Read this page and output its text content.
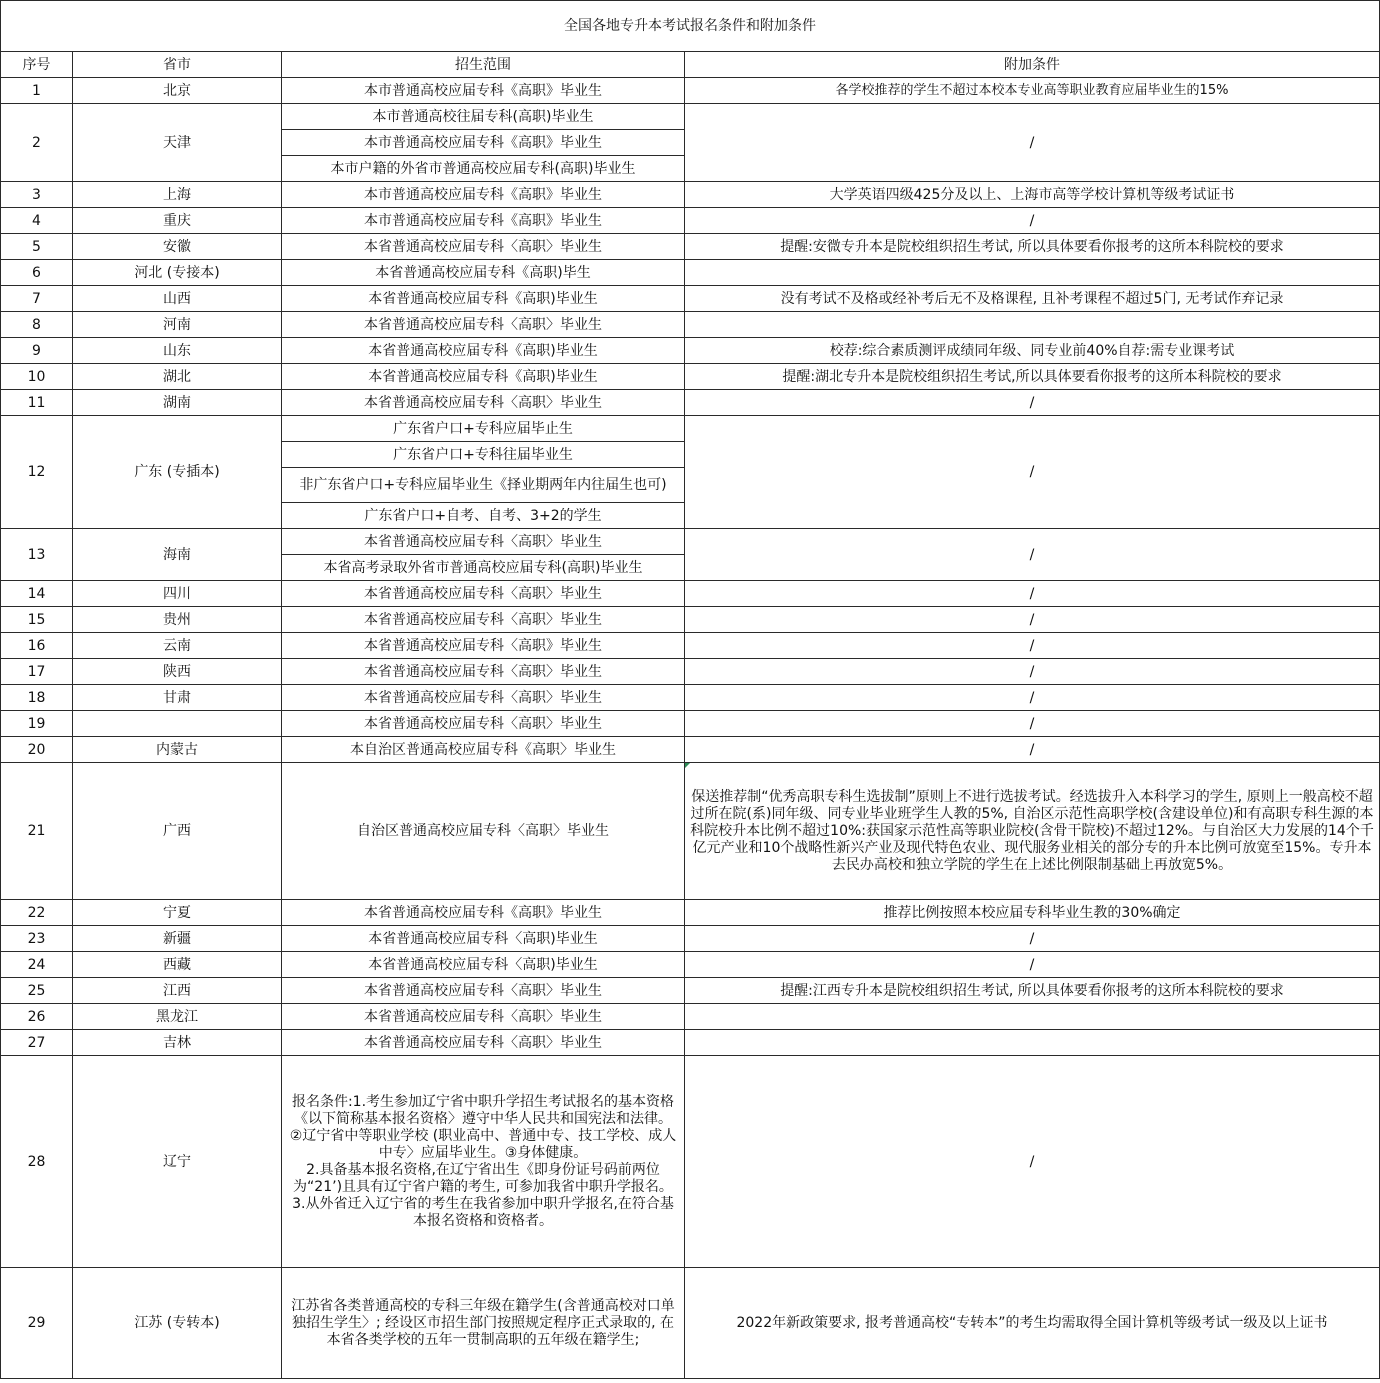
全国各地专升本考试报名条件和附加条件			
序号	省市	招生范围	附加条件
1	北京	本市普通高校应届专科《高职》毕业生	各学校推荐的学生不超过本校本专业高等职业教育应届毕业生的15%
2	天津	本市普通高校往届专科(高职)毕业生	/
		本市普通高校应届专科《高职》毕业生	
		本市户籍的外省市普通高校应届专科(高职)毕业生	
3	上海	本市普通高校应届专科《高职》毕业生	大学英语四级425分及以上、上海市高等学校计算机等级考试证书
4	重庆	本市普通高校应届专科《高职》毕业生	/
5	安徽	本省普通高校应届专科〈高职〉毕业生	提醒:安微专升本是院校组织招生考试, 所以具体要看你报考的这所本科院校的要求
6	河北 (专接本)	本省普通高校应届专科《高职)毕生	
7	山西	本省普通高校应届专科《高职)毕业生	没有考试不及格或经补考后无不及格课程, 且补考课程不超过5门, 无考试作弃记录
8	河南	本省普通高校应届专科〈高职〉毕业生	
9	山东	本省普通高校应届专科《高职)毕业生	校荐:综合素质测评成绩同年级、同专业前40%自荐:需专业课考试
10	湖北	本省普通高校应届专科《高职)毕业生	提醒:湖北专升本是院校组织招生考试,所以具体要看你报考的这所本科院校的要求
11	湖南	本省普通高校应届专科〈高职〉毕业生	/
12	广东 (专插本)	广东省户口+专科应届毕止生	/
		广东省户口+专科往届毕业生	
		非广东省户口+专科应届毕业生《择业期两年内往届生也可)	
		广东省户口+自考、自考、3+2的学生	
13	海南	本省普通高校应届专科〈高职〉毕业生	/
		本省高考录取外省市普通高校应届专科(高职)毕业生	
14	四川	本省普通高校应届专科〈高职〉毕业生	/
15	贵州	本省普通高校应届专科〈高职〉毕业生	/
16	云南	本省普通高校应届专科〈高职》毕业生	/
17	陕西	本省普通高校应届专科〈高职〉毕业生	/
18	甘肃	本省普通高校应届专科〈高职〉毕业生	/
19		本省普通高校应届专科〈高职〉毕业生	/
20	内蒙古	本自治区普通高校应届专科《高职〉毕业生	/
21	广西	自治区普通高校应届专科〈高职〉毕业生	保送推荐制“优秀高职专科生选拔制”原则上不进行选拔考试。经选拔升入本科学习的学生, 原则上一般高校不超过所在院(系)同年级、同专业毕业班学生人教的5%, 自治区示范性高职学校(含建设单位)和有高职专科生源的本科院校升本比例不超过10%:获国家示范性高等职业院校(含骨干院校)不超过12%。与自治区大力发展的14个千亿元产业和10个战略性新兴产业及现代特色农业、现代服务业相关的部分专的升本比例可放宽至15%。专升本去民办高校和独立学院的学生在上述比例限制基础上再放宽5%。
22	宁夏	本省普通高校应届专科《高职》毕业生	推荐比例按照本校应届专科毕业生教的30%确定
23	新疆	本省普通高校应届专科〈高职)毕业生	/
24	西藏	本省普通高校应届专科〈高职)毕业生	/
25	江西	本省普通高校应届专科〈高职〉毕业生	提醒:江西专升本是院校组织招生考试, 所以具体要看你报考的这所本科院校的要求
26	黑龙江	本省普通高校应届专科〈高职〉毕业生	
27	吉林	本省普通高校应届专科〈高职〉毕业生	
28	辽宁	报名条件:1.考生参加辽宁省中职升学招生考试报名的基本资格《以下简称基本报名资格〉遵守中华人民共和国宪法和法律。
②辽宁省中等职业学校 (职业高中、普通中专、技工学校、成人中专〉应届毕业生。③身体健康。
2.具备基本报名资格,在辽宁省出生《即身份证号码前两位为“21’)且具有辽宁省户籍的考生, 可参加我省中职升学报名。
3.从外省迁入辽宁省的考生在我省参加中职升学报名,在符合基本报名资格和资格者。	/
29	江苏 (专转本)	江苏省各类普通高校的专科三年级在籍学生(含普通高校对口单独招生学生〉; 经设区市招生部门按照规定程序正式录取的, 在本省各类学校的五年一贯制高职的五年级在籍学生;	2022年新政策要求, 报考普通高校“专转本”的考生均需取得全国计算机等级考试一级及以上证书
